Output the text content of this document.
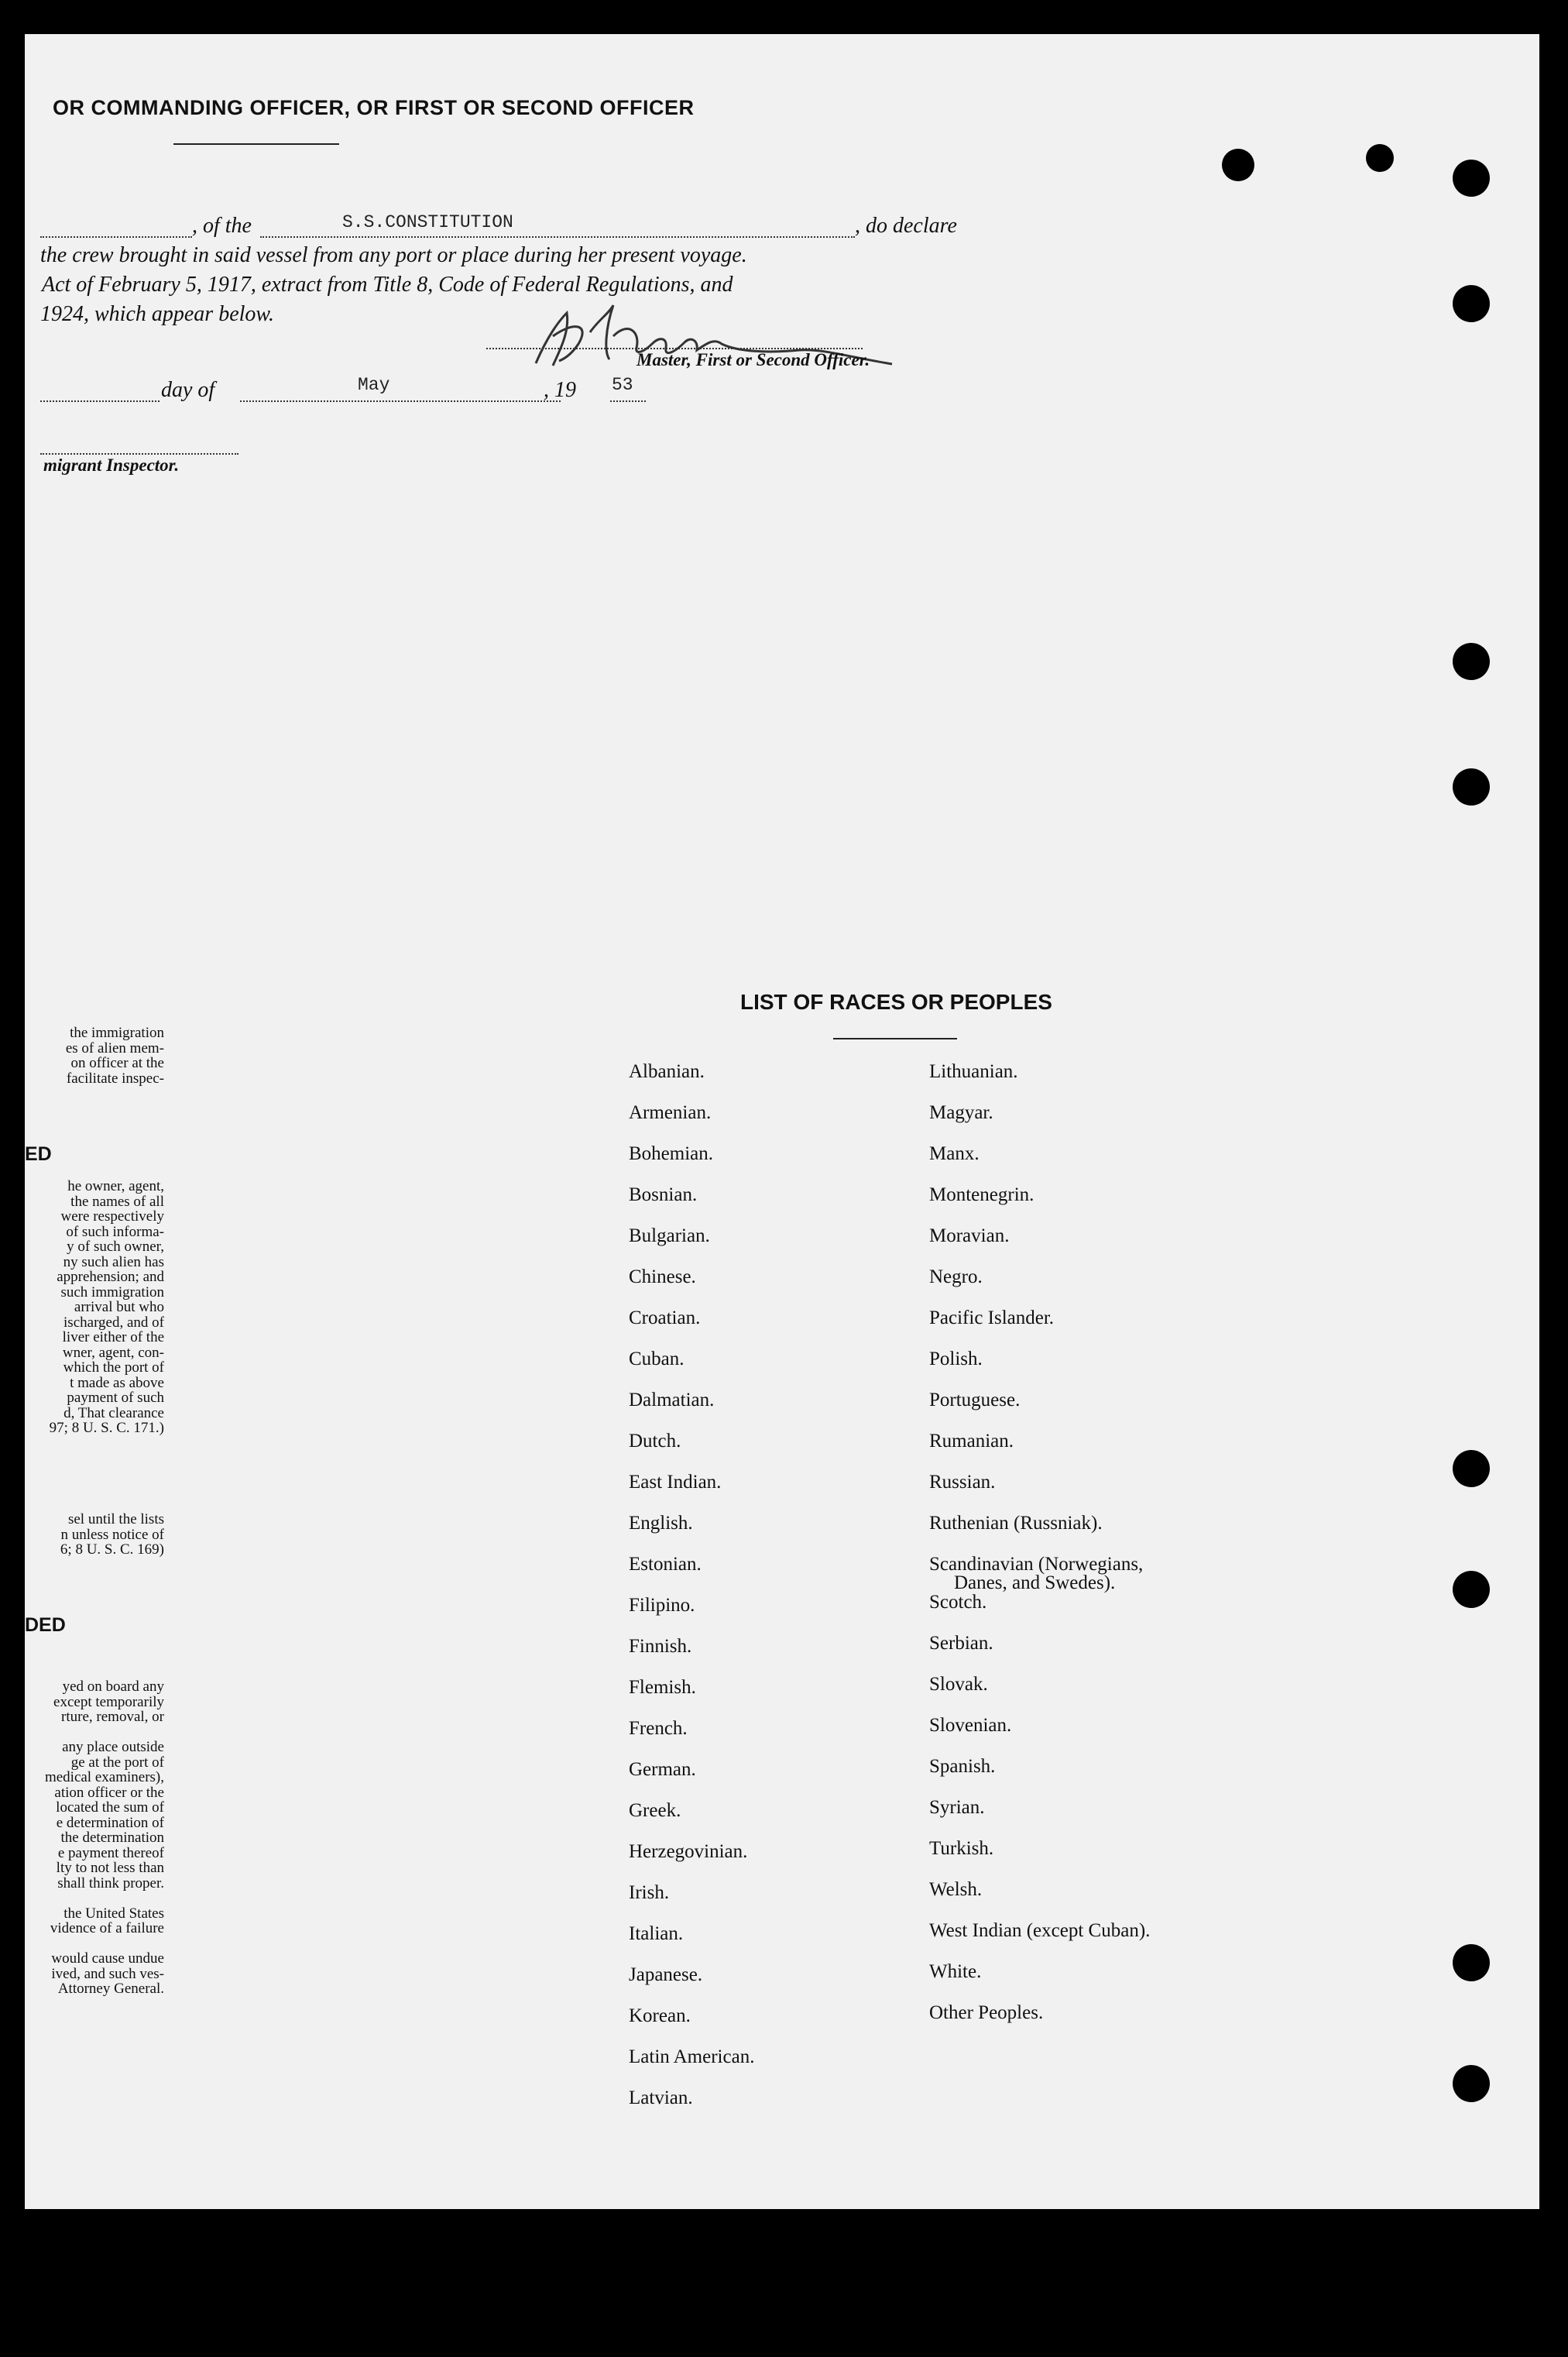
OR COMMANDING OFFICER, OR FIRST OR SECOND OFFICER
, of the	S.S.CONSTITUTION	, do declare
the crew brought in said vessel from any port or place during her present voyage.
Act of February 5, 1917, extract from Title 8, Code of Federal Regulations, and
1924, which appear below.
Master, First or Second Officer.
day of	May	, 19 53
migrant Inspector.
the immigration
es of alien mem-
on officer at the
facilitate inspec-
ED
he owner, agent,
the names of all
were respectively
of such informa-
y of such owner,
ny such alien has
apprehension; and
such immigration
arrival but who
ischarged, and of
liver either of the
wner, agent, con-
which the port of
t made as above
payment of such
d, That clearance
97; 8 U. S. C. 171.)
sel until the lists
n unless notice of
6; 8 U. S. C. 169)
DED
yed on board any
except temporarily
rture, removal, or
any place outside
ge at the port of
medical examiners),
ation officer or the
located the sum of
e determination of
the determination
e payment thereof
lty to not less than
shall think proper.
the United States
vidence of a failure
would cause undue
ived, and such ves-
Attorney General.
LIST OF RACES OR PEOPLES
Albanian.
Armenian.
Bohemian.
Bosnian.
Bulgarian.
Chinese.
Croatian.
Cuban.
Dalmatian.
Dutch.
East Indian.
English.
Estonian.
Filipino.
Finnish.
Flemish.
French.
German.
Greek.
Herzegovinian.
Irish.
Italian.
Japanese.
Korean.
Latin American.
Latvian.
Lithuanian.
Magyar.
Manx.
Montenegrin.
Moravian.
Negro.
Pacific Islander.
Polish.
Portuguese.
Rumanian.
Russian.
Ruthenian (Russniak).
Scandinavian (Norwegians,
Danes, and Swedes).
Scotch.
Serbian.
Slovak.
Slovenian.
Spanish.
Syrian.
Turkish.
Welsh.
West Indian (except Cuban).
White.
Other Peoples.
